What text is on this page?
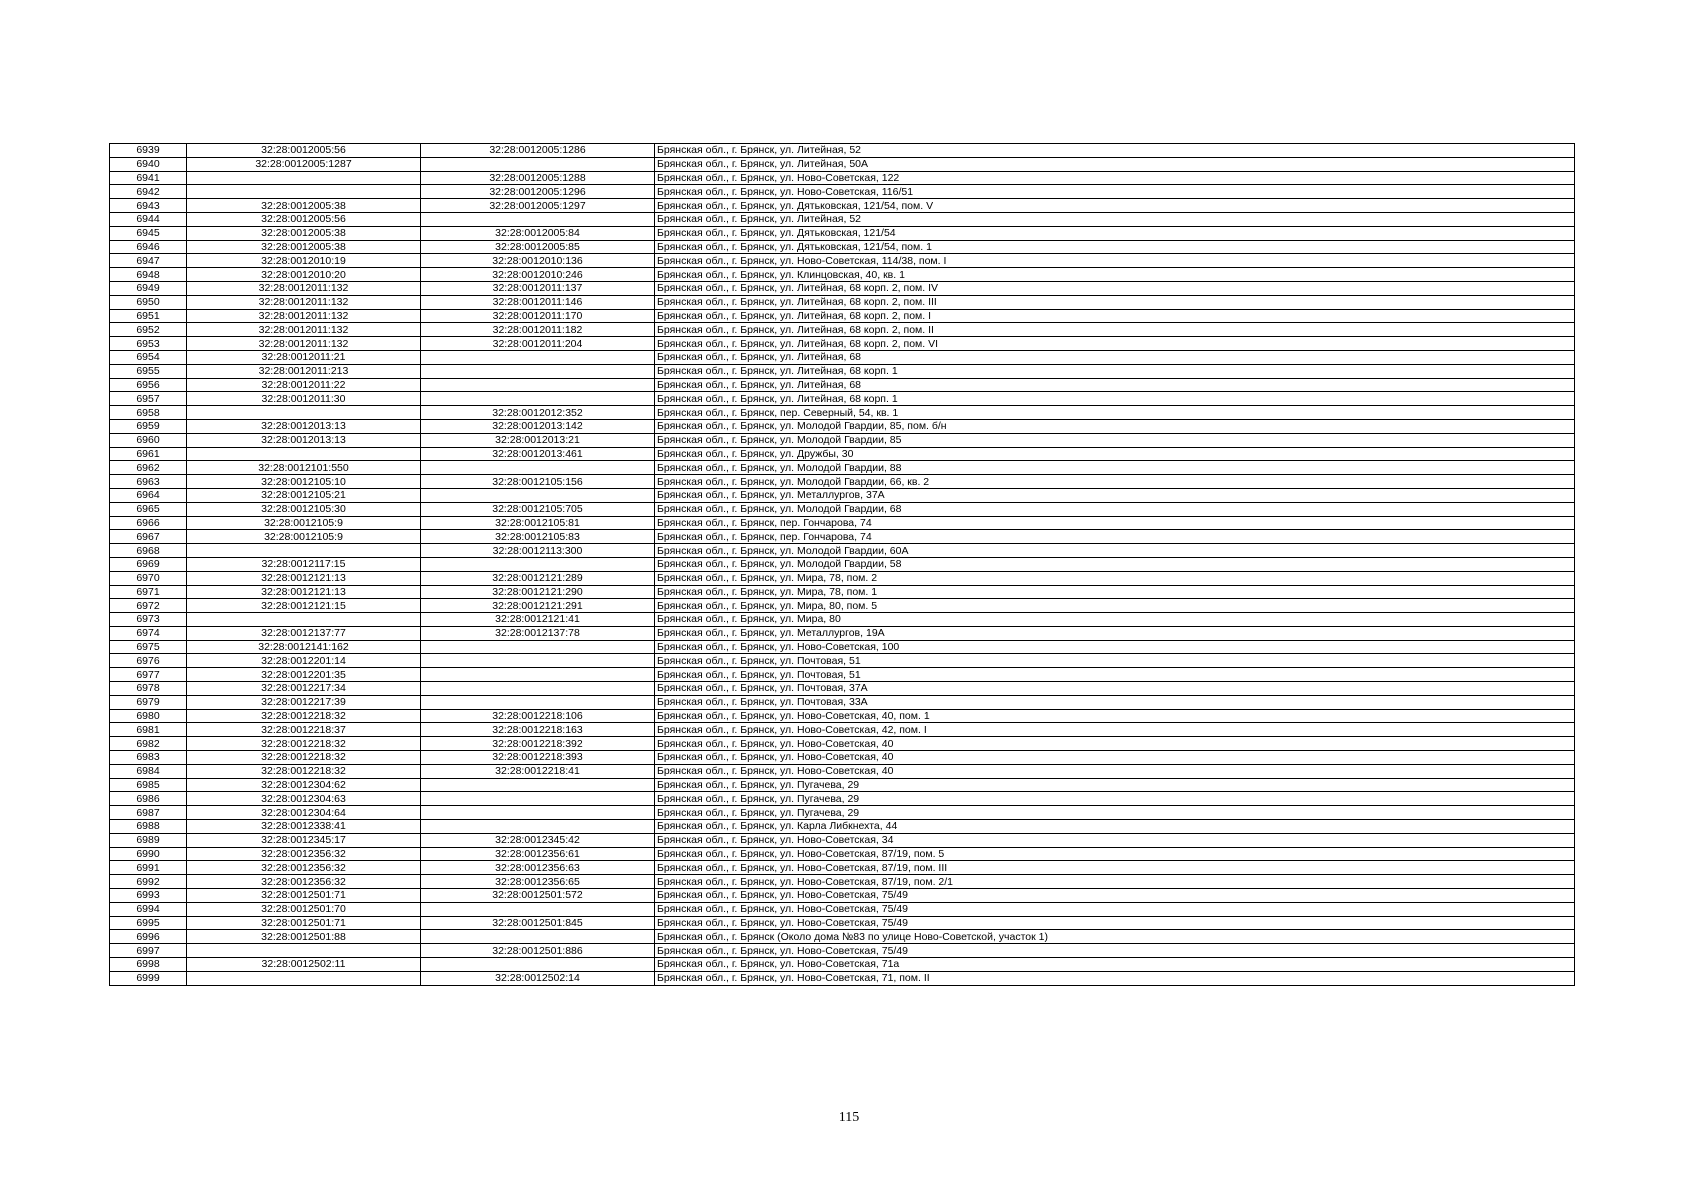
6939	32:28:0012005:56	32:28:0012005:1286	Брянская обл., г. Брянск, ул. Литейная, 52
6940	32:28:0012005:1287		Брянская обл., г. Брянск, ул. Литейная, 50А
6941		32:28:0012005:1288	Брянская обл., г. Брянск, ул. Ново-Советская, 122
6942		32:28:0012005:1296	Брянская обл., г. Брянск, ул. Ново-Советская, 116/51
6943	32:28:0012005:38	32:28:0012005:1297	Брянская обл., г. Брянск, ул. Дятьковская, 121/54, пом. V
6944	32:28:0012005:56		Брянская обл., г. Брянск, ул. Литейная, 52
6945	32:28:0012005:38	32:28:0012005:84	Брянская обл., г. Брянск, ул. Дятьковская, 121/54
6946	32:28:0012005:38	32:28:0012005:85	Брянская обл., г. Брянск, ул. Дятьковская, 121/54, пом. 1
6947	32:28:0012010:19	32:28:0012010:136	Брянская обл., г. Брянск, ул. Ново-Советская, 114/38, пом. I
6948	32:28:0012010:20	32:28:0012010:246	Брянская обл., г. Брянск, ул. Клинцовская, 40, кв. 1
6949	32:28:0012011:132	32:28:0012011:137	Брянская обл., г. Брянск, ул. Литейная, 68 корп. 2, пом. IV
6950	32:28:0012011:132	32:28:0012011:146	Брянская обл., г. Брянск, ул. Литейная, 68 корп. 2, пом. III
6951	32:28:0012011:132	32:28:0012011:170	Брянская обл., г. Брянск, ул. Литейная, 68 корп. 2, пом. I
6952	32:28:0012011:132	32:28:0012011:182	Брянская обл., г. Брянск, ул. Литейная, 68 корп. 2, пом. II
6953	32:28:0012011:132	32:28:0012011:204	Брянская обл., г. Брянск, ул. Литейная, 68 корп. 2, пом. VI
6954	32:28:0012011:21		Брянская обл., г. Брянск, ул. Литейная, 68
6955	32:28:0012011:213		Брянская обл., г. Брянск, ул. Литейная, 68 корп. 1
6956	32:28:0012011:22		Брянская обл., г. Брянск, ул. Литейная, 68
6957	32:28:0012011:30		Брянская обл., г. Брянск, ул. Литейная, 68 корп. 1
6958		32:28:0012012:352	Брянская обл., г. Брянск, пер. Северный, 54, кв. 1
6959	32:28:0012013:13	32:28:0012013:142	Брянская обл., г. Брянск, ул. Молодой Гвардии, 85, пом. б/н
6960	32:28:0012013:13	32:28:0012013:21	Брянская обл., г. Брянск, ул. Молодой Гвардии, 85
6961		32:28:0012013:461	Брянская обл., г. Брянск, ул. Дружбы, 30
6962	32:28:0012101:550		Брянская обл., г. Брянск, ул. Молодой Гвардии, 88
6963	32:28:0012105:10	32:28:0012105:156	Брянская обл., г. Брянск, ул. Молодой Гвардии, 66, кв. 2
6964	32:28:0012105:21		Брянская обл., г. Брянск, ул. Металлургов, 37А
6965	32:28:0012105:30	32:28:0012105:705	Брянская обл., г. Брянск, ул. Молодой Гвардии, 68
6966	32:28:0012105:9	32:28:0012105:81	Брянская обл., г. Брянск, пер. Гончарова, 74
6967	32:28:0012105:9	32:28:0012105:83	Брянская обл., г. Брянск, пер. Гончарова, 74
6968		32:28:0012113:300	Брянская обл., г. Брянск, ул. Молодой Гвардии, 60А
6969	32:28:0012117:15		Брянская обл., г. Брянск, ул. Молодой Гвардии, 58
6970	32:28:0012121:13	32:28:0012121:289	Брянская обл., г. Брянск, ул. Мира, 78, пом. 2
6971	32:28:0012121:13	32:28:0012121:290	Брянская обл., г. Брянск, ул. Мира, 78, пом. 1
6972	32:28:0012121:15	32:28:0012121:291	Брянская обл., г. Брянск, ул. Мира, 80, пом. 5
6973		32:28:0012121:41	Брянская обл., г. Брянск, ул. Мира, 80
6974	32:28:0012137:77	32:28:0012137:78	Брянская обл., г. Брянск, ул. Металлургов, 19А
6975	32:28:0012141:162		Брянская обл., г. Брянск, ул. Ново-Советская, 100
6976	32:28:0012201:14		Брянская обл., г. Брянск, ул. Почтовая, 51
6977	32:28:0012201:35		Брянская обл., г. Брянск, ул. Почтовая, 51
6978	32:28:0012217:34		Брянская обл., г. Брянск, ул. Почтовая, 37А
6979	32:28:0012217:39		Брянская обл., г. Брянск, ул. Почтовая, 33А
6980	32:28:0012218:32	32:28:0012218:106	Брянская обл., г. Брянск, ул. Ново-Советская, 40, пом. 1
6981	32:28:0012218:37	32:28:0012218:163	Брянская обл., г. Брянск, ул. Ново-Советская, 42, пом. I
6982	32:28:0012218:32	32:28:0012218:392	Брянская обл., г. Брянск, ул. Ново-Советская, 40
6983	32:28:0012218:32	32:28:0012218:393	Брянская обл., г. Брянск, ул. Ново-Советская, 40
6984	32:28:0012218:32	32:28:0012218:41	Брянская обл., г. Брянск, ул. Ново-Советская, 40
6985	32:28:0012304:62		Брянская обл., г. Брянск, ул. Пугачева, 29
6986	32:28:0012304:63		Брянская обл., г. Брянск, ул. Пугачева, 29
6987	32:28:0012304:64		Брянская обл., г. Брянск, ул. Пугачева, 29
6988	32:28:0012338:41		Брянская обл., г. Брянск, ул. Карла Либкнехта, 44
6989	32:28:0012345:17	32:28:0012345:42	Брянская обл., г. Брянск, ул. Ново-Советская, 34
6990	32:28:0012356:32	32:28:0012356:61	Брянская обл., г. Брянск, ул. Ново-Советская, 87/19, пом. 5
6991	32:28:0012356:32	32:28:0012356:63	Брянская обл., г. Брянск, ул. Ново-Советская, 87/19, пом. III
6992	32:28:0012356:32	32:28:0012356:65	Брянская обл., г. Брянск, ул. Ново-Советская, 87/19, пом. 2/1
6993	32:28:0012501:71	32:28:0012501:572	Брянская обл., г. Брянск, ул. Ново-Советская, 75/49
6994	32:28:0012501:70		Брянская обл., г. Брянск, ул. Ново-Советская, 75/49
6995	32:28:0012501:71	32:28:0012501:845	Брянская обл., г. Брянск, ул. Ново-Советская, 75/49
6996	32:28:0012501:88		Брянская обл., г. Брянск (Около дома №83 по улице Ново-Советской, участок 1)
6997		32:28:0012501:886	Брянская обл., г. Брянск, ул. Ново-Советская, 75/49
6998	32:28:0012502:11		Брянская обл., г. Брянск, ул. Ново-Советская, 71а
6999		32:28:0012502:14	Брянская обл., г. Брянск, ул. Ново-Советская, 71, пом. II
115
